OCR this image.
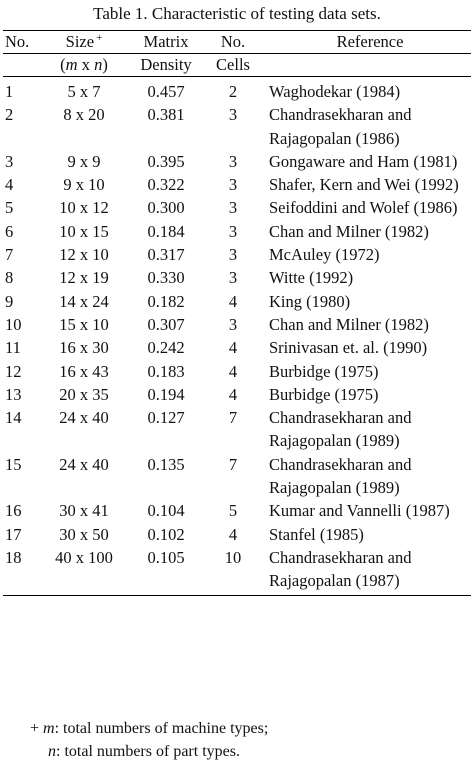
Table 1. Characteristic of testing data sets.
No.	Size +	Matrix	No.	Reference
	(m x n)	Density	Cells	
1	5 x 7	0.457	2	Waghodekar (1984)
2	8 x 20	0.381	3	Chandrasekharan and Rajagopalan (1986)
3	9 x 9	0.395	3	Gongaware and Ham (1981)
4	9 x 10	0.322	3	Shafer, Kern and Wei (1992)
5	10 x 12	0.300	3	Seifoddini and Wolef (1986)
6	10 x 15	0.184	3	Chan and Milner (1982)
7	12 x 10	0.317	3	McAuley (1972)
8	12 x 19	0.330	3	Witte (1992)
9	14 x 24	0.182	4	King (1980)
10	15 x 10	0.307	3	Chan and Milner (1982)
11	16 x 30	0.242	4	Srinivasan et. al. (1990)
12	16 x 43	0.183	4	Burbidge (1975)
13	20 x 35	0.194	4	Burbidge (1975)
14	24 x 40	0.127	7	Chandrasekharan and Rajagopalan (1989)
15	24 x 40	0.135	7	Chandrasekharan and Rajagopalan (1989)
16	30 x 41	0.104	5	Kumar and Vannelli (1987)
17	30 x 50	0.102	4	Stanfel (1985)
18	40 x 100	0.105	10	Chandrasekharan and Rajagopalan (1987)
+ m: total numbers of machine types;
n: total numbers of part types.
